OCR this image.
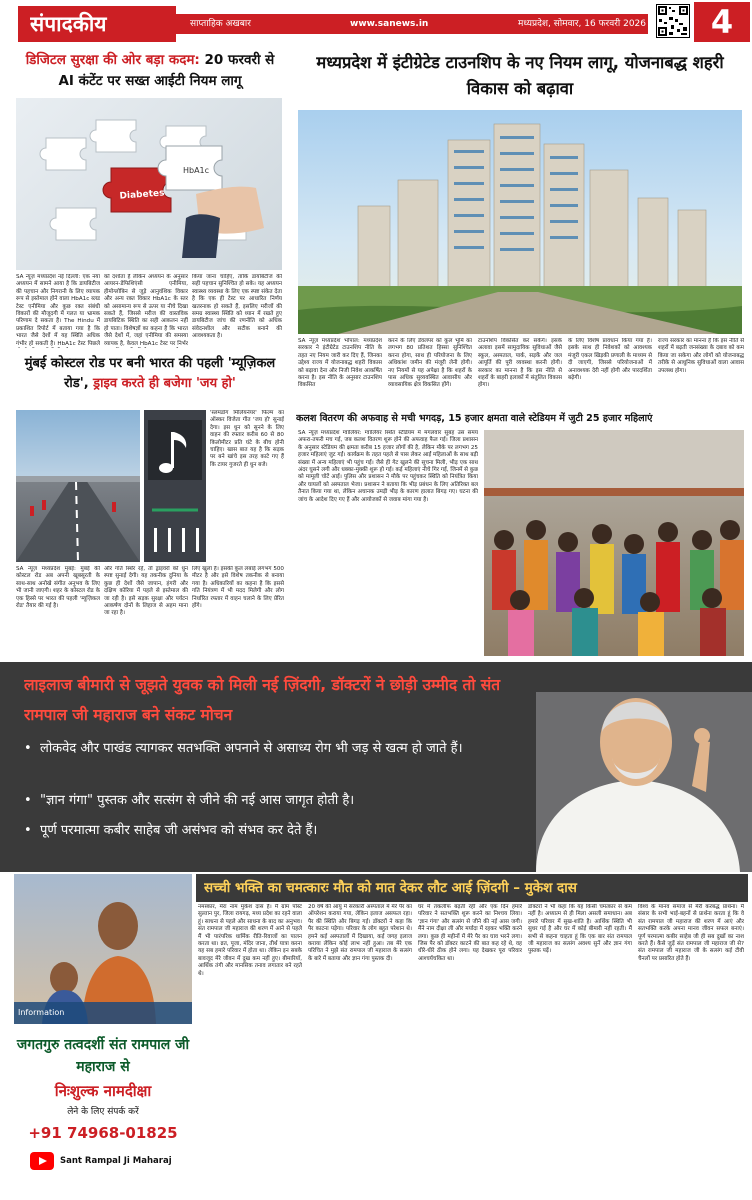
संपादकीय	साप्ताहिक अखबार	www.sanews.in	मध्यप्रदेश, सोमवार, 16 फरवरी 2026	4
डिजिटल सुरक्षा की ओर बड़ा कदम: 20 फरवरी से AI कंटेंट पर सख्त आईटी नियम लागू
Diabetes
HbA1c
SA न्यूज़ मध्यप्रदेश नई दिल्ली: एक नया अध्ययन में सामने आया है कि डायबिटीज की पहचान और निगरानी के लिए व्यापक रूप से इस्तेमाल होने वाला HbA1c ब्लड टेस्ट एनीमिया और कुछ रक्त संबंधी विकारों की मौजूदगी में गलत या भ्रामक परिणाम दे सकता है। The Hindu में प्रकाशित रिपोर्ट में बताया गया है कि भारत जैसे देशों में यह स्थिति अधिक गंभीर हो सकती है। HbA1c टेस्ट पिछले
को दर्शाता है लेकिन अध्ययन के अनुसार आयरन-डेफिशिएंसी एनीमिया, हीमोग्लोबिन से जुड़े आनुवंशिक विकार और अन्य रक्त विकार HbA1c के स्तर को असामान्य रूप से ऊपर या नीचे दिखा सकते हैं, जिससे मरीज की वास्तविक डायबिटिक स्थिति का सही आकलन नहीं हो पाता। विशेषज्ञों का कहना है कि भारत जैसे देशों में, जहां एनीमिया की समस्या व्यापक है, केवल HbA1c टेस्ट पर निर्भर
किया जाना चाहिए, ताकि डायबिटीज की सही पहचान सुनिश्चित हो सके। यह अध्ययन स्वास्थ्य व्यवस्था के लिए एक स्पष्ट संकेत देता है कि एक ही टेस्ट पर आधारित निर्णय खतरनाक हो सकते हैं, इसलिए मरीजों की समग्र स्वास्थ्य स्थिति को ध्यान में रखते हुए डायबिटीज जांच की रणनीति को अधिक संवेदनशील और सटीक बनाने की आवश्यकता है।
मध्यप्रदेश में इंटीग्रेटेड टाउनशिप के नए नियम लागू, योजनाबद्ध शहरी विकास को बढ़ावा
SA न्यूज़ मध्यप्रदेश भोपाल: मध्यप्रदेश सरकार ने इंटीग्रेटेड टाउनशिप नीति के तहत नए नियम जारी कर दिए हैं, जिनका उद्देश्य राज्य में योजनाबद्ध शहरी विकास को बढ़ावा देना और निजी निवेश आकर्षित करना है। इस नीति के अनुसार टाउनशिप विकसित
करने के लिए डेवलपर को कुल भूमि का लगभग 80 प्रतिशत हिस्सा सुनिश्चित करना होगा, साथ ही परियोजना के लिए अधिकांश जमीन की मंजूरी लेनी होगी। नए नियमों से यह अपेक्षा है कि शहरों के पास अधिक सुव्यवस्थित आवासीय और व्यावसायिक क्षेत्र विकसित होंगे।
टाउनशिप विकसित कर सकेंगे। इसके अलावा इसमें सामुदायिक सुविधाओं जैसे स्कूल, अस्पताल, पार्क, सड़कें और जल आपूर्ति की पूरी व्यवस्था करनी होगी। सरकार का मानना है कि इस नीति से शहरों के बाहरी इलाकों में संतुलित विकास होगा।
के लिए विशेष प्रावधान किया गया है। इसके साथ ही निवेशकों को आवश्यक मंजूरी एकल खिड़की प्रणाली के माध्यम से दी जाएगी, जिससे परियोजनाओं में अनावश्यक देरी नहीं होगी और पारदर्शिता बढ़ेगी।
राज्य सरकार का मानना है कि इस नीति से शहरों में बढ़ती जनसंख्या के दबाव को कम किया जा सकेगा और लोगों को योजनाबद्ध तरीके से आधुनिक सुविधाओं वाला आवास उपलब्ध होगा।
मुंबई कोस्टल रोड पर बनी भारत की पहली 'म्यूज़िकल रोड', ड्राइव करते ही बजेगा 'जय हो'
'स्लमडॉग मिलियनेयर' फिल्म का ऑस्कर विजेता गीत 'जय हो' सुनाई देगा। इस धुन को सुनने के लिए वाहन की रफ्तार करीब 60 से 80 किलोमीटर प्रति घंटे के बीच होनी चाहिए। खास बात यह है कि सड़क पर बने खांचे इस तरह काटे गए हैं कि टायर गुजरते ही धुन बजे।
SA न्यूज़ मध्यप्रदेश मुंबई: मुंबई की कोस्टल रोड अब अपनी खूबसूरती के साथ-साथ अनोखे संगीत अनुभव के लिए भी जानी जाएगी। शहर के कोस्टल रोड के एक हिस्से पर भारत की पहली 'म्यूज़िकल रोड' तैयार की गई है।
और गति स्थिर रहे, तो ड्राइवरों को धुन स्पष्ट सुनाई देगी। यह तकनीक दुनिया के कुछ ही देशों जैसे जापान, हंगरी और दक्षिण कोरिया में पहले से इस्तेमाल की जा रही है। इसे सड़क सुरक्षा और पर्यटन आकर्षण दोनों के लिहाज से अहम माना जा रहा है।
लिए खुला है। इसकी कुल लंबाई लगभग 500 मीटर है और इसे विशेष तकनीक से बनाया गया है। अधिकारियों का कहना है कि इससे गति नियंत्रण में भी मदद मिलेगी और लोग निर्धारित रफ्तार में वाहन चलाने के लिए प्रेरित होंगे।
कलश वितरण की अफवाह से मची भगदड़, 15 हजार क्षमता वाले स्टेडियम में जुटी 25 हजार महिलाएं
SA न्यूज़ मध्यप्रदेश ग्वालियर: ग्वालियर स्थित स्टेडियम में मंगलवार सुबह उस समय अफरा-तफरी मच गई, जब कलश वितरण शुरू होने की अफवाह फैल गई। जिला प्रशासन के अनुसार स्टेडियम की क्षमता करीब 15 हजार लोगों की है, लेकिन मौके पर लगभग 25 हजार महिलाएं जुट गईं। कार्यक्रम के तहत पहले से पास लेकर आईं महिलाओं के साथ बड़ी संख्या में अन्य महिलाएं भी पहुंच गईं। जैसे ही गेट खुलने की सूचना मिली, भीड़ एक साथ अंदर घुसने लगी और धक्का-मुक्की शुरू हो गई। कई महिलाएं नीचे गिर गईं, जिनमें से कुछ को मामूली चोटें आईं। पुलिस और प्रशासन ने मौके पर पहुंचकर स्थिति को नियंत्रित किया और घायलों को अस्पताल भेजा। प्रशासन ने बताया कि भीड़ प्रबंधन के लिए अतिरिक्त बल तैनात किया गया था, लेकिन अचानक उमड़ी भीड़ के कारण हालात बिगड़ गए। घटना की जांच के आदेश दिए गए हैं और आयोजकों से जवाब मांगा गया है।
लाइलाज बीमारी से जूझते युवक को मिली नई ज़िंदगी, डॉक्टरों ने छोड़ी उम्मीद तो संत रामपाल जी महाराज बने संकट मोचन
• लोकवेद और पाखंड त्यागकर सतभक्ति अपनाने से असाध्य रोग भी जड़ से खत्म हो जाते हैं।
• "ज्ञान गंगा" पुस्तक और सत्संग से जीने की नई आस जागृत होती है।
• पूर्ण परमात्मा कबीर साहेब जी असंभव को संभव कर देते हैं।
Information
जगतगुरु तत्वदर्शी संत रामपाल जी महाराज से
निःशुल्क नामदीक्षा
लेने के लिए संपर्क करें
+91 74968-01825
Sant Rampal Ji Maharaj
सच्ची भक्ति का चमत्कारः मौत को मात देकर लौट आई ज़िंदगी – मुकेश दास
नमस्कार, मेरा नाम मुकेश दास है। मैं ग्राम पोस्ट सुल्तान पुर, जिला रायगढ़, मध्य प्रदेश का रहने वाला हूं। साधना से पहले और साधना के बाद का अनुभव। संत रामपाल जी महाराज की शरण में आने से पहले मैं भी पारंपरिक धार्मिक रीति-रिवाजों का पालन करता था। व्रत, पूजा, मंदिर जाना, तीर्थ यात्रा करना यह सब हमारे परिवार में होता था। लेकिन इन सबके बावजूद मेरे जीवन में दुख कम नहीं हुए। बीमारियाँ, आर्थिक तंगी और मानसिक तनाव लगातार बने रहते थे।
20 वर्ष की आयु में सरकारी अस्पताल में मेरे पैर का ऑपरेशन कराया गया, लेकिन इलाज असफल रहा। पैर की स्थिति और बिगड़ गई। डॉक्टरों ने कहा कि पैर काटना पड़ेगा। परिवार के लोग बहुत परेशान थे। हमने कई अस्पतालों में दिखाया, कई जगह इलाज कराया लेकिन कोई लाभ नहीं हुआ। तब मेरे एक परिचित ने मुझे संत रामपाल जी महाराज के सत्संग के बारे में बताया और ज्ञान गंगा पुस्तक दी।
घर में तकलीफ बढ़ती रही और एक दिन हमारे परिवार ने सतभक्ति शुरू करने का निश्चय लिया। 'ज्ञान गंगा' और सत्संग से जीने की नई आस जगी। मैंने नाम दीक्षा ली और मर्यादा में रहकर भक्ति करने लगा। कुछ ही महीनों में मेरे पैर का घाव भरने लगा। जिस पैर को डॉक्टर काटने की बात कह रहे थे, वह धीरे-धीरे ठीक होने लगा। यह देखकर पूरा परिवार आश्चर्यचकित था।
डॉक्टरों ने भी कहा कि यह किसी चमत्कार से कम नहीं है। अध्यात्म से ही मिला असली समाधान। अब हमारे परिवार में सुख-शांति है। आर्थिक स्थिति भी सुधर गई है और घर में कोई बीमारी नहीं रहती। मैं सभी से कहना चाहता हूं कि एक बार संत रामपाल जी महाराज का सत्संग अवश्य सुनें और ज्ञान गंगा पुस्तक पढ़ें।
विश्व के मानव समाज से मेरी करबद्ध प्रार्थना। मैं संसार के सभी भाई-बहनों से प्रार्थना करता हूं कि वे संत रामपाल जी महाराज की शरण में आएं और सतभक्ति करके अपना मानव जीवन सफल बनाएं। पूर्ण परमात्मा कबीर साहेब जी ही सब दुखों का नाश करते हैं। कैसे जुड़ें संत रामपाल जी महाराज जी से? संत रामपाल जी महाराज जी के सत्संग कई टीवी चैनलों पर प्रसारित होते हैं।
